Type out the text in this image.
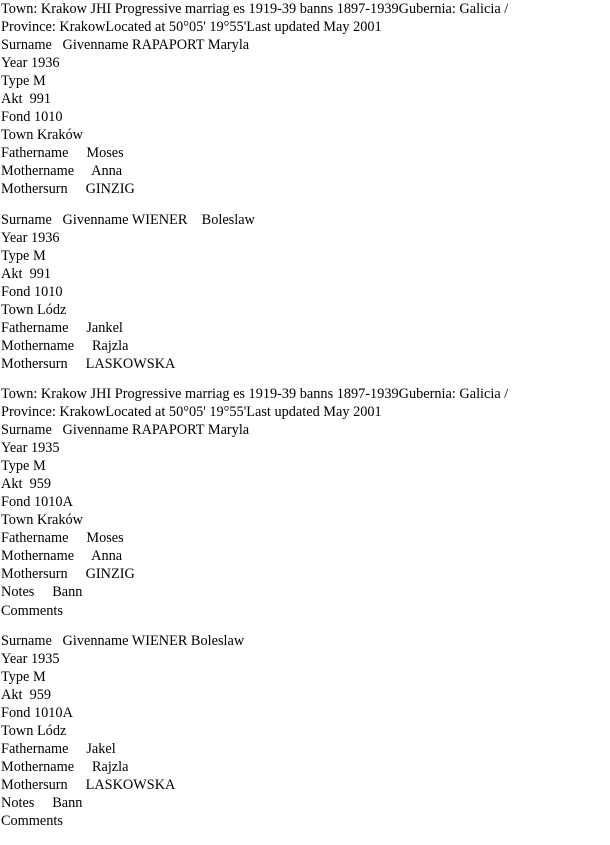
Town: Krakow JHI Progressive marriag es 1919-39 banns 1897-1939Gubernia: Galicia /
Province: KrakowLocated at 50°05' 19°55'Last updated May 2001
Surname   Givenname RAPAPORT Maryla
Year 1936
Type M
Akt 991
Fond 1010
Town Kraków
Fathername Moses
Mothername Anna
Mothersurn GINZIG
Surname   Givenname WIENER    Boleslaw
Year 1936
Type M
Akt 991
Fond 1010
Town Lódz
Fathername Jankel
Mothername Rajzla
Mothersurn LASKOWSKA
Town: Krakow JHI Progressive marriag es 1919-39 banns 1897-1939Gubernia: Galicia /
Province: KrakowLocated at 50°05' 19°55'Last updated May 2001
Surname   Givenname RAPAPORT Maryla
Year 1935
Type M
Akt 959
Fond 1010A
Town Kraków
Fathername Moses
Mothername Anna
Mothersurn GINZIG
Notes Bann
Comments
Surname   Givenname WIENER Boleslaw
Year 1935
Type M
Akt 959
Fond 1010A
Town Lódz
Fathername Jakel
Mothername Rajzla
Mothersurn LASKOWSKA
Notes Bann
Comments
